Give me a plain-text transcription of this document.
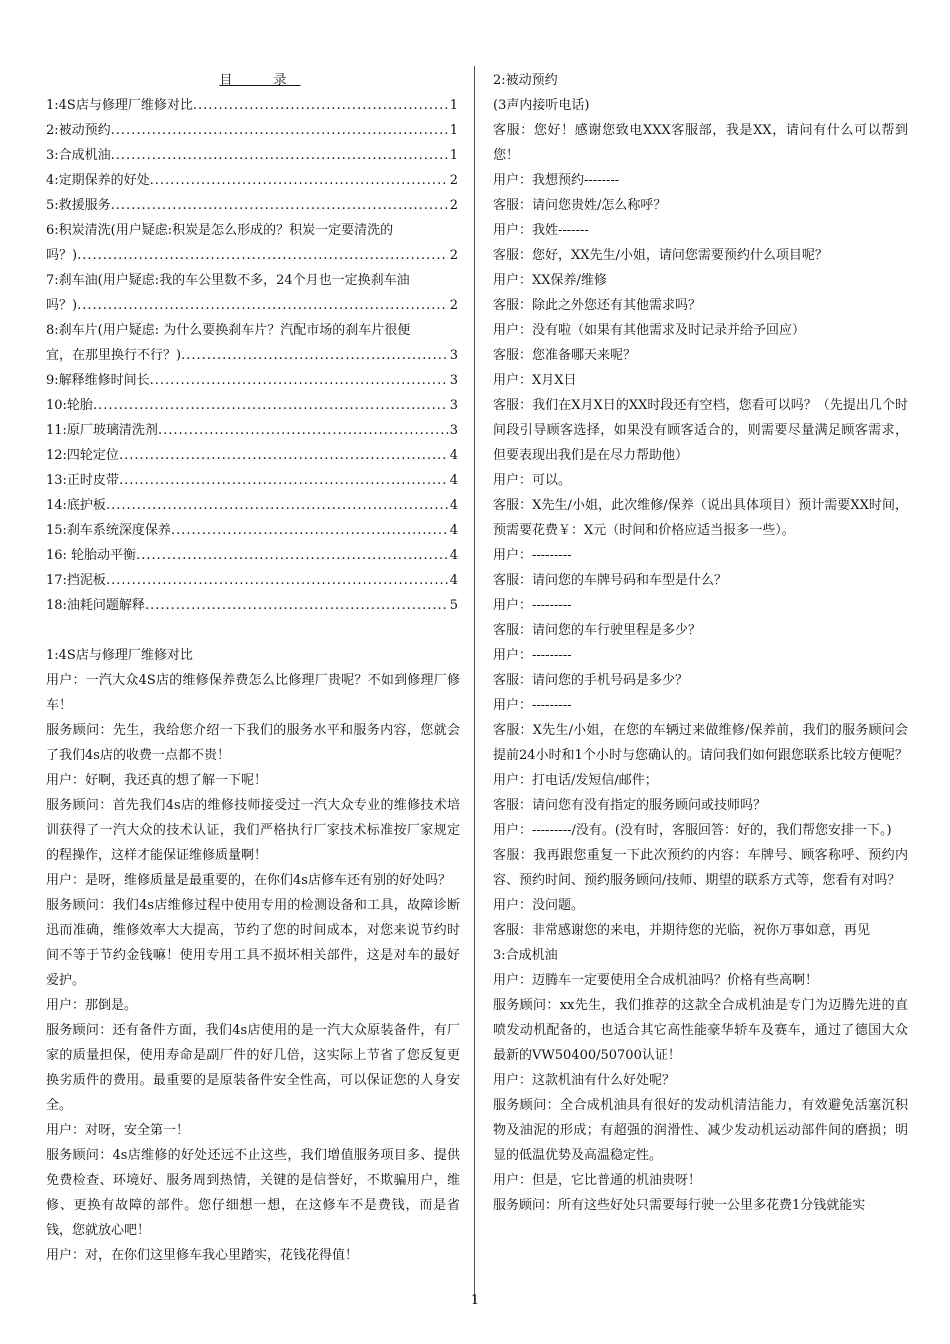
目　录
1:4S店与修理厂维修对比 .....	1
2:被动预约 .....	1
3:合成机油 .....	1
4:定期保养的好处 .....	2
5:救援服务 .....	2
6:积炭清洗(用户疑虑:积炭是怎么形成的？积炭一定要清洗的
吗？) .....	2
7:刹车油(用户疑虑:我的车公里数不多，24个月也一定换刹车油
吗？) .....	2
8:刹车片(用户疑虑: 为什么要换刹车片？汽配市场的刹车片很便
宜，在那里换行不行？) .....	3
9:解释维修时间长 .....	3
10:轮胎 .....	3
11:原厂玻璃清洗剂 .....	3
12:四轮定位 .....	4
13:正时皮带 .....	4
14:底护板 .....	4
15:刹车系统深度保养 .....	4
16: 轮胎动平衡 .....	4
17:挡泥板 .....	4
18:油耗问题解释 .....	5

1:4S店与修理厂维修对比

用户：一汽大众4S店的维修保养费怎么比修理厂贵呢？不如到修理厂修车！

服务顾问：先生，我给您介绍一下我们的服务水平和服务内容，您就会了我们4s店的收费一点都不贵！

用户：好啊，我还真的想了解一下呢！

服务顾问：首先我们4s店的维修技师接受过一汽大众专业的维修技术培训获得了一汽大众的技术认证，我们严格执行厂家技术标准按厂家规定的程操作，这样才能保证维修质量啊！

用户：是呀，维修质量是最重要的，在你们4s店修车还有别的好处吗？

服务顾问：我们4s店维修过程中使用专用的检测设备和工具，故障诊断迅而准确，维修效率大大提高，节约了您的时间成本，对您来说节约时间不等于节约金钱嘛！使用专用工具不损坏相关部件，这是对车的最好爱护。

用户：那倒是。

服务顾问：还有备件方面，我们4s店使用的是一汽大众原装备件，有厂家的质量担保，使用寿命是副厂件的好几倍，这实际上节省了您反复更换劣质件的费用。最重要的是原装备件安全性高，可以保证您的人身安全。

用户：对呀，安全第一！

服务顾问：4s店维修的好处还远不止这些，我们增值服务项目多、提供免费检查、环境好、服务周到热情，关键的是信誉好，不欺骗用户，维修、更换有故障的部件。您仔细想一想，在这修车不是费钱，而是省钱，您就放心吧！

用户：对，在你们这里修车我心里踏实，花钱花得值！

2:被动预约

(3声内接听电话)

客服：您好！感谢您致电XXX客服部，我是XX，请问有什么可以帮到您！

用户：我想预约--------

客服：请问您贵姓/怎么称呼？

用户：我姓-------

客服：您好，XX先生/小姐，请问您需要预约什么项目呢？

用户：XX保养/维修

客服：除此之外您还有其他需求吗？

用户：没有啦（如果有其他需求及时记录并给予回应）

客服：您准备哪天来呢？

用户：X月X日

客服：我们在X月X日的XX时段还有空档，您看可以吗？（先提出几个时间段引导顾客选择，如果没有顾客适合的，则需要尽量满足顾客需求，但要表现出我们是在尽力帮助他）

用户：可以。

客服：X先生/小姐，此次维修/保养（说出具体项目）预计需要XX时间，预需要花费￥：X元（时间和价格应适当报多一些）。

用户：---------

客服：请问您的车牌号码和车型是什么？

用户：---------

客服：请问您的车行驶里程是多少？

用户：---------

客服：请问您的手机号码是多少？

用户：---------

客服：X先生/小姐，在您的车辆过来做维修/保养前，我们的服务顾问会提前24小时和1个小时与您确认的。请问我们如何跟您联系比较方便呢？

用户：打电话/发短信/邮件；

客服：请问您有没有指定的服务顾问或技师吗？

用户：---------/没有。(没有时，客服回答：好的，我们帮您安排一下。)

客服：我再跟您重复一下此次预约的内容：车牌号、顾客称呼、预约内容、预约时间、预约服务顾问/技师、期望的联系方式等，您看有对吗？

用户：没问题。

客服：非常感谢您的来电，并期待您的光临，祝你万事如意，再见

3:合成机油

用户：迈腾车一定要使用全合成机油吗？价格有些高啊！

服务顾问：xx先生，我们推荐的这款全合成机油是专门为迈腾先进的直喷发动机配备的，也适合其它高性能豪华轿车及赛车，通过了德国大众最新的VW50400/50700认证！

用户：这款机油有什么好处呢？

服务顾问：全合成机油具有很好的发动机清洁能力，有效避免活塞沉积物及油泥的形成；有超强的润滑性、减少发动机运动部件间的磨损；明显的低温优势及高温稳定性。

用户：但是，它比普通的机油贵呀！

服务顾问：所有这些好处只需要每行驶一公里多花费1分钱就能实

1
